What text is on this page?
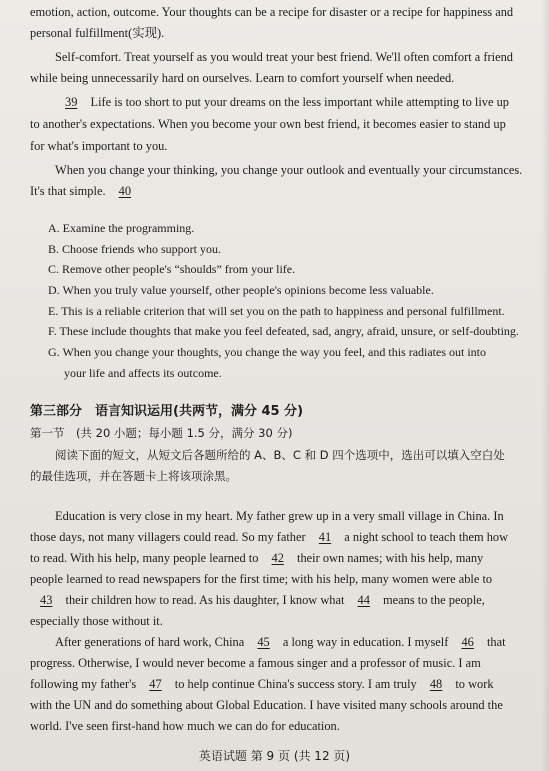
emotion, action, outcome. Your thoughts can be a recipe for disaster or a recipe for happiness and
personal fulfillment(实现).
Self-comfort. Treat yourself as you would treat your best friend. We'll often comfort a friend
while being unnecessarily hard on ourselves. Learn to comfort yourself when needed.
39 Life is too short to put your dreams on the less important while attempting to live up
to another's expectations. When you become your own best friend, it becomes easier to stand up
for what's important to you.
When you change your thinking, you change your outlook and eventually your circumstances.
It's that simple. 40
A. Examine the programming.
B. Choose friends who support you.
C. Remove other people's “shoulds” from your life.
D. When you truly value yourself, other people's opinions become less valuable.
E. This is a reliable criterion that will set you on the path to happiness and personal fulfillment.
F. These include thoughts that make you feel defeated, sad, angry, afraid, unsure, or self-doubting.
G. When you change your thoughts, you change the way you feel, and this radiates out into
your life and affects its outcome.
第三部分　语言知识运用(共两节，满分 45 分)
第一节　(共 20 小题；每小题 1.5 分，满分 30 分)
阅读下面的短文，从短文后各题所给的 A、B、C 和 D 四个选项中，选出可以填入空白处
的最佳选项，并在答题卡上将该项涂黑。
Education is very close in my heart. My father grew up in a very small village in China. In
those days, not many villagers could read. So my father 41 a night school to teach them how
to read. With his help, many people learned to 42 their own names; with his help, many
people learned to read newspapers for the first time; with his help, many women were able to
43 their children how to read. As his daughter, I know what 44 means to the people,
especially those without it.
After generations of hard work, China 45 a long way in education. I myself 46 that
progress. Otherwise, I would never become a famous singer and a professor of music. I am
following my father's 47 to help continue China's success story. I am truly 48 to work
with the UN and do something about Global Education. I have visited many schools around the
world. I've seen first-hand how much we can do for education.
英语试题 第 9 页 (共 12 页)
